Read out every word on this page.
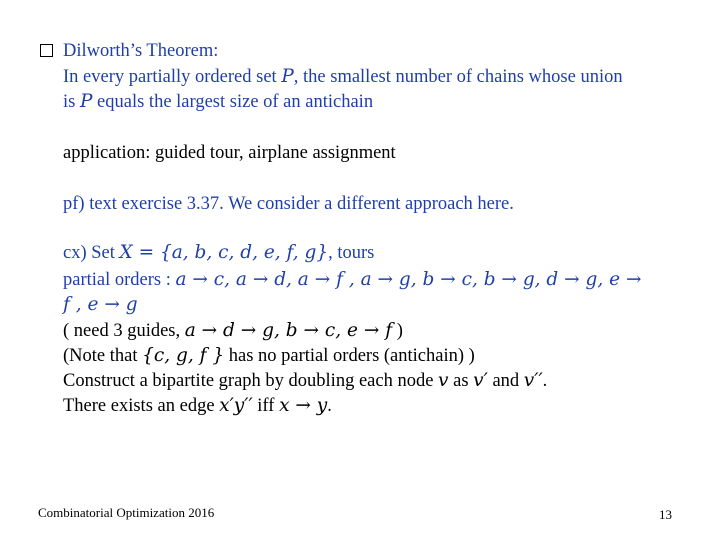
Dilworth’s Theorem:
In every partially ordered set P, the smallest number of chains whose union
is P equals the largest size of an antichain
application: guided tour, airplane assignment
pf) text exercise 3.37. We consider a different approach here.
cx) Set X = {a, b, c, d, e, f, g}, tours
partial orders : a → c, a → d, a → f , a → g, b → c, b → g, d → g, e →
f , e → g
( need 3 guides, a → d → g, b → c, e → f )
(Note that {c, g, f } has no partial orders (antichain) )
Construct a bipartite graph by doubling each node v as v′ and v′′.
There exists an edge x′y′′ iff x → y.
Combinatorial Optimization 2016	13
